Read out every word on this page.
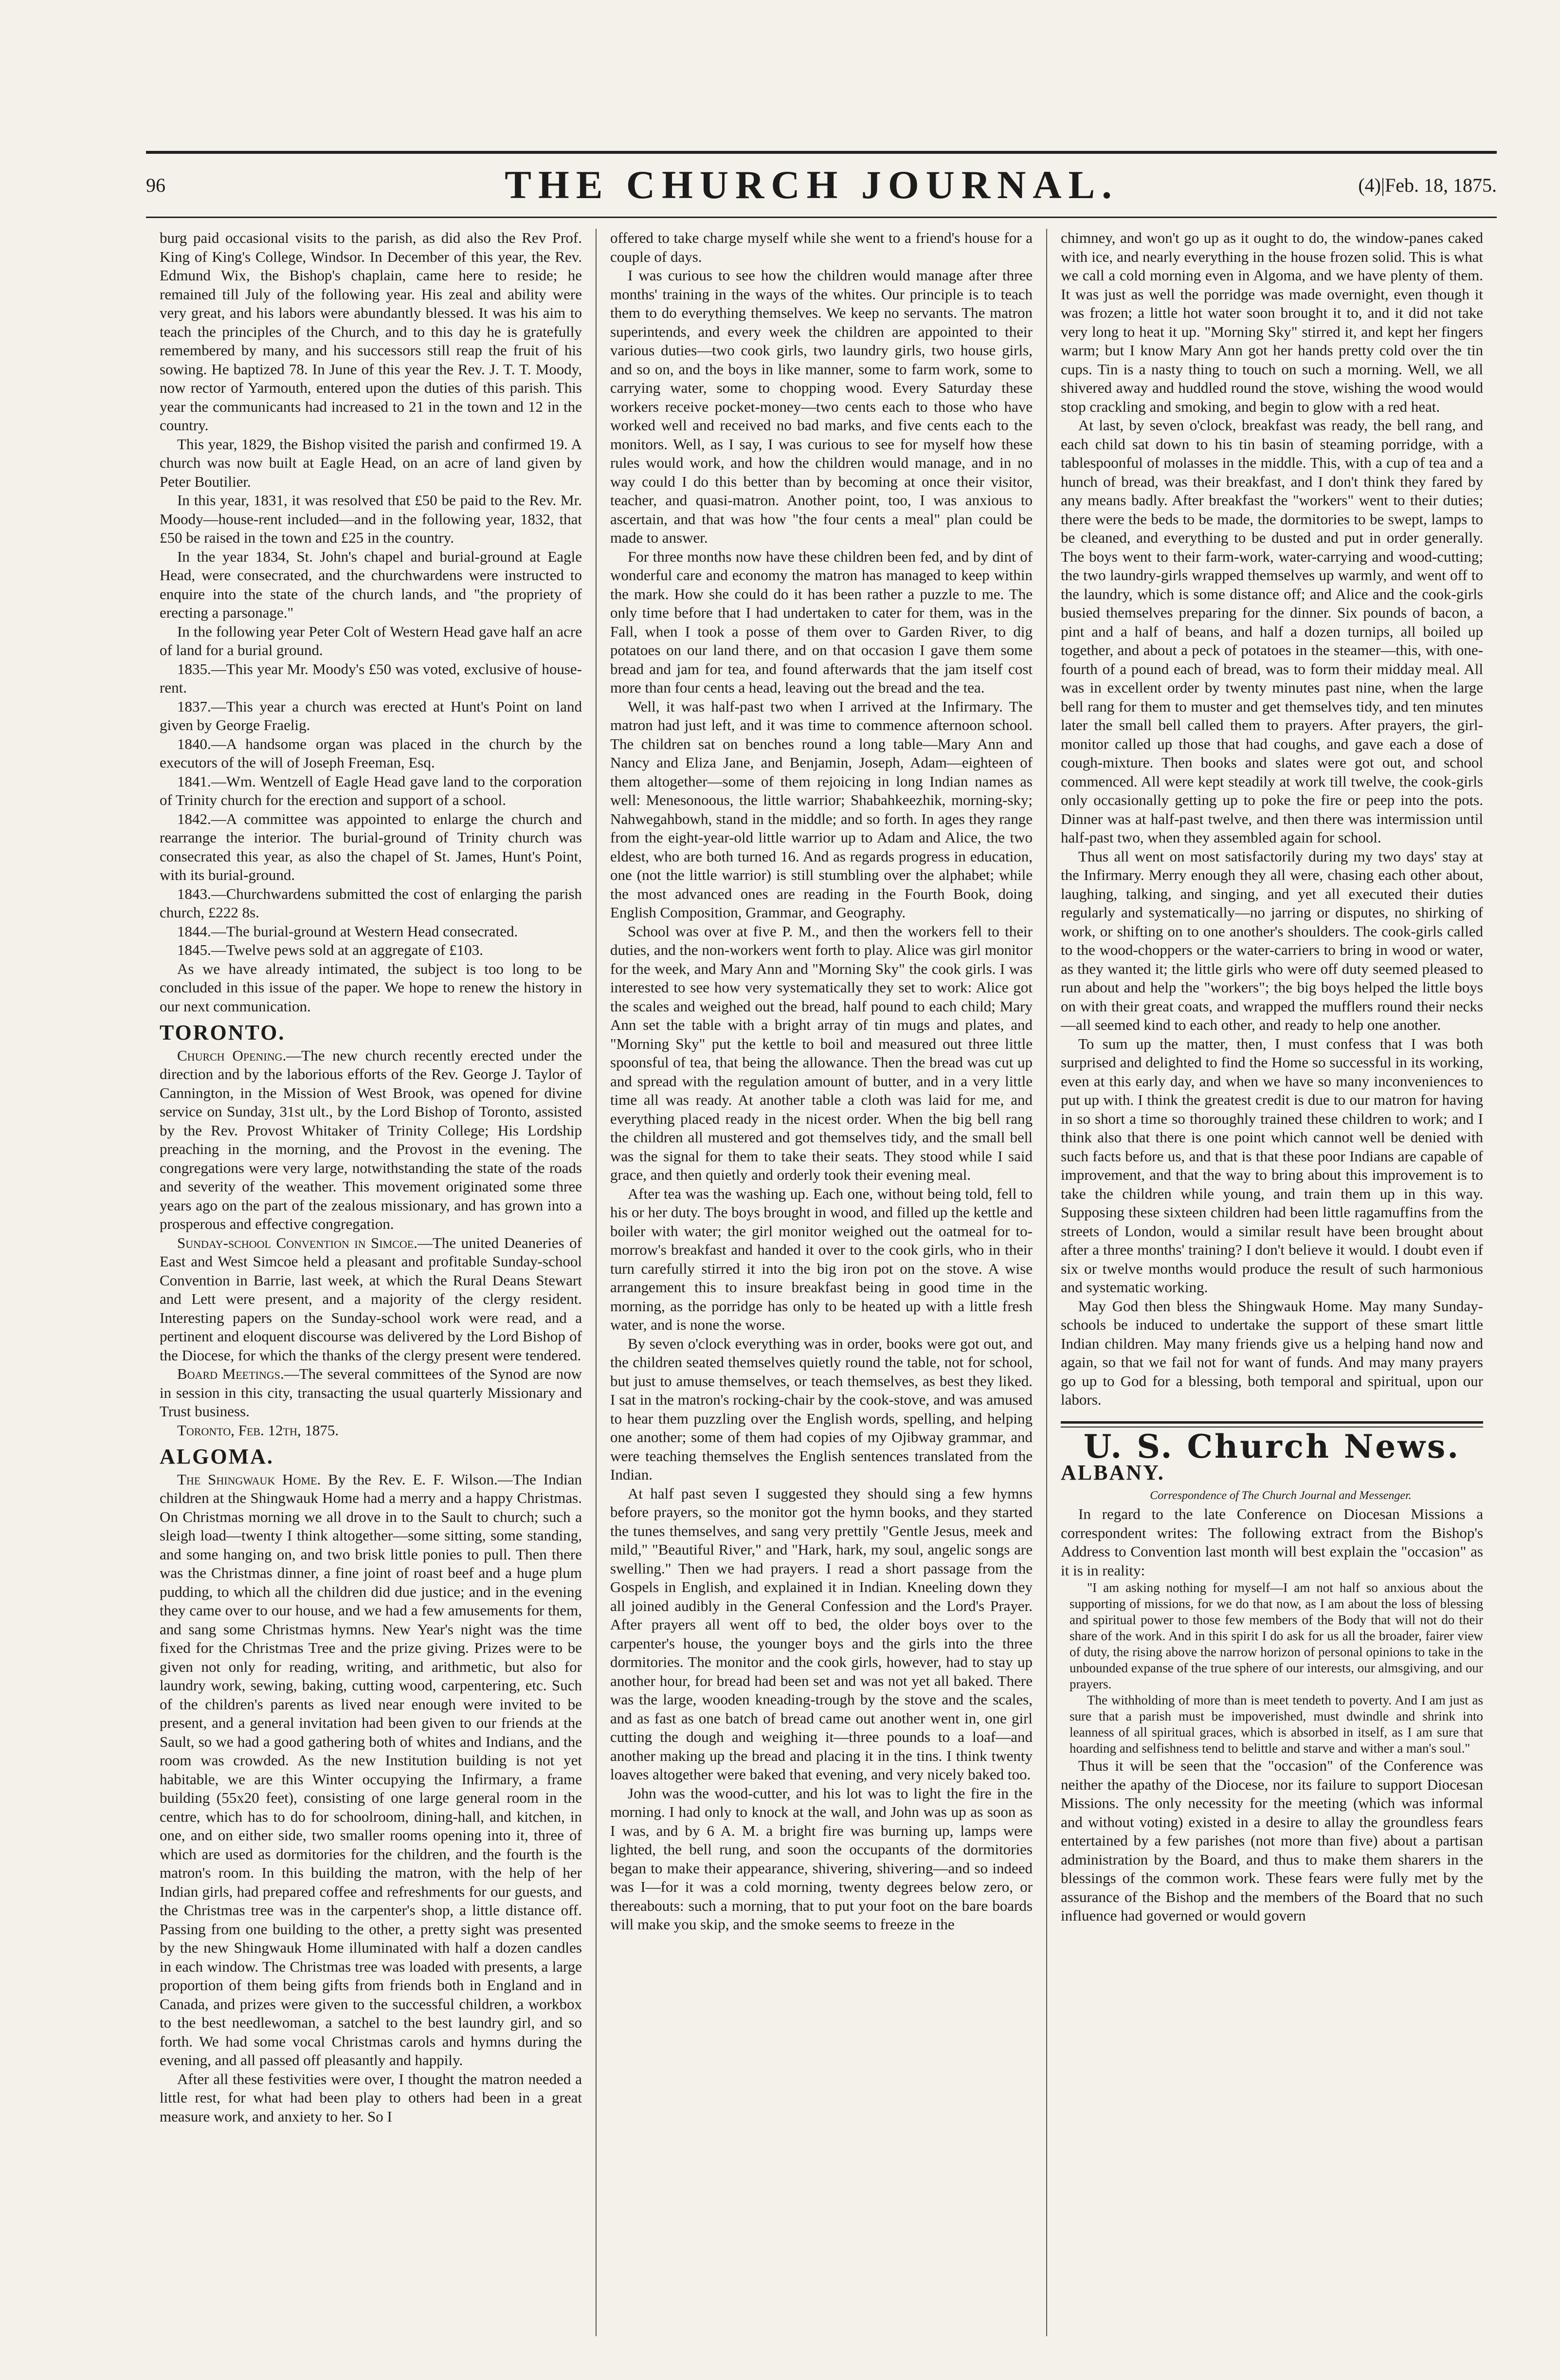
96	THE CHURCH JOURNAL.	(4)|Feb. 18, 1875.

burg paid occasional visits to the parish, as did also the Rev Prof. King of King's College, Windsor. In December of this year, the Rev. Edmund Wix, the Bishop's chaplain, came here to reside; he remained till July of the following year. His zeal and ability were very great, and his labors were abundantly blessed. It was his aim to teach the principles of the Church, and to this day he is gratefully remembered by many, and his successors still reap the fruit of his sowing. He baptized 78. In June of this year the Rev. J. T. T. Moody, now rector of Yarmouth, entered upon the duties of this parish. This year the communicants had increased to 21 in the town and 12 in the country.

This year, 1829, the Bishop visited the parish and confirmed 19. A church was now built at Eagle Head, on an acre of land given by Peter Boutilier.

In this year, 1831, it was resolved that £50 be paid to the Rev. Mr. Moody—house-rent included—and in the following year, 1832, that £50 be raised in the town and £25 in the country.

In the year 1834, St. John's chapel and burial-ground at Eagle Head, were consecrated, and the churchwardens were instructed to enquire into the state of the church lands, and "the propriety of erecting a parsonage."

In the following year Peter Colt of Western Head gave half an acre of land for a burial ground.

1835.—This year Mr. Moody's £50 was voted, exclusive of house-rent.

1837.—This year a church was erected at Hunt's Point on land given by George Fraelig.

1840.—A handsome organ was placed in the church by the executors of the will of Joseph Freeman, Esq.

1841.—Wm. Wentzell of Eagle Head gave land to the corporation of Trinity church for the erection and support of a school.

1842.—A committee was appointed to enlarge the church and rearrange the interior. The burial-ground of Trinity church was consecrated this year, as also the chapel of St. James, Hunt's Point, with its burial-ground.

1843.—Churchwardens submitted the cost of enlarging the parish church, £222 8s.

1844.—The burial-ground at Western Head consecrated.

1845.—Twelve pews sold at an aggregate of £103.

As we have already intimated, the subject is too long to be concluded in this issue of the paper. We hope to renew the history in our next communication.

TORONTO.

Church Opening.—The new church recently erected under the direction and by the laborious efforts of the Rev. George J. Taylor of Cannington, in the Mission of West Brook, was opened for divine service on Sunday, 31st ult., by the Lord Bishop of Toronto, assisted by the Rev. Provost Whitaker of Trinity College; His Lordship preaching in the morning, and the Provost in the evening. The congregations were very large, notwithstanding the state of the roads and severity of the weather. This movement originated some three years ago on the part of the zealous missionary, and has grown into a prosperous and effective congregation.

Sunday-school Convention in Simcoe.—The united Deaneries of East and West Simcoe held a pleasant and profitable Sunday-school Convention in Barrie, last week, at which the Rural Deans Stewart and Lett were present, and a majority of the clergy resident. Interesting papers on the Sunday-school work were read, and a pertinent and eloquent discourse was delivered by the Lord Bishop of the Diocese, for which the thanks of the clergy present were tendered.

Board Meetings.—The several committees of the Synod are now in session in this city, transacting the usual quarterly Missionary and Trust business.

Toronto, Feb. 12th, 1875.

ALGOMA.

The Shingwauk Home. By the Rev. E. F. Wilson.—The Indian children at the Shingwauk Home had a merry and a happy Christmas. On Christmas morning we all drove in to the Sault to church; such a sleigh load—twenty I think altogether—some sitting, some standing, and some hanging on, and two brisk little ponies to pull. Then there was the Christmas dinner, a fine joint of roast beef and a huge plum pudding, to which all the children did due justice; and in the evening they came over to our house, and we had a few amusements for them, and sang some Christmas hymns. New Year's night was the time fixed for the Christmas Tree and the prize giving. Prizes were to be given not only for reading, writing, and arithmetic, but also for laundry work, sewing, baking, cutting wood, carpentering, etc. Such of the children's parents as lived near enough were invited to be present, and a general invitation had been given to our friends at the Sault, so we had a good gathering both of whites and Indians, and the room was crowded. As the new Institution building is not yet habitable, we are this Winter occupying the Infirmary, a frame building (55x20 feet), consisting of one large general room in the centre, which has to do for schoolroom, dining-hall, and kitchen, in one, and on either side, two smaller rooms opening into it, three of which are used as dormitories for the children, and the fourth is the matron's room. In this building the matron, with the help of her Indian girls, had prepared coffee and refreshments for our guests, and the Christmas tree was in the carpenter's shop, a little distance off. Passing from one building to the other, a pretty sight was presented by the new Shingwauk Home illuminated with half a dozen candles in each window. The Christmas tree was loaded with presents, a large proportion of them being gifts from friends both in England and in Canada, and prizes were given to the successful children, a workbox to the best needlewoman, a satchel to the best laundry girl, and so forth. We had some vocal Christmas carols and hymns during the evening, and all passed off pleasantly and happily.

After all these festivities were over, I thought the matron needed a little rest, for what had been play to others had been in a great measure work, and anxiety to her. So I

offered to take charge myself while she went to a friend's house for a couple of days.

I was curious to see how the children would manage after three months' training in the ways of the whites. Our principle is to teach them to do everything themselves. We keep no servants. The matron superintends, and every week the children are appointed to their various duties—two cook girls, two laundry girls, two house girls, and so on, and the boys in like manner, some to farm work, some to carrying water, some to chopping wood. Every Saturday these workers receive pocket-money—two cents each to those who have worked well and received no bad marks, and five cents each to the monitors. Well, as I say, I was curious to see for myself how these rules would work, and how the children would manage, and in no way could I do this better than by becoming at once their visitor, teacher, and quasi-matron. Another point, too, I was anxious to ascertain, and that was how "the four cents a meal" plan could be made to answer.

For three months now have these children been fed, and by dint of wonderful care and economy the matron has managed to keep within the mark. How she could do it has been rather a puzzle to me. The only time before that I had undertaken to cater for them, was in the Fall, when I took a posse of them over to Garden River, to dig potatoes on our land there, and on that occasion I gave them some bread and jam for tea, and found afterwards that the jam itself cost more than four cents a head, leaving out the bread and the tea.

Well, it was half-past two when I arrived at the Infirmary. The matron had just left, and it was time to commence afternoon school. The children sat on benches round a long table—Mary Ann and Nancy and Eliza Jane, and Benjamin, Joseph, Adam—eighteen of them altogether—some of them rejoicing in long Indian names as well: Menesonoous, the little warrior; Shabahkeezhik, morning-sky; Nahwegahbowh, stand in the middle; and so forth. In ages they range from the eight-year-old little warrior up to Adam and Alice, the two eldest, who are both turned 16. And as regards progress in education, one (not the little warrior) is still stumbling over the alphabet; while the most advanced ones are reading in the Fourth Book, doing English Composition, Grammar, and Geography.

School was over at five P. M., and then the workers fell to their duties, and the non-workers went forth to play. Alice was girl monitor for the week, and Mary Ann and "Morning Sky" the cook girls. I was interested to see how very systematically they set to work: Alice got the scales and weighed out the bread, half pound to each child; Mary Ann set the table with a bright array of tin mugs and plates, and "Morning Sky" put the kettle to boil and measured out three little spoonsful of tea, that being the allowance. Then the bread was cut up and spread with the regulation amount of butter, and in a very little time all was ready. At another table a cloth was laid for me, and everything placed ready in the nicest order. When the big bell rang the children all mustered and got themselves tidy, and the small bell was the signal for them to take their seats. They stood while I said grace, and then quietly and orderly took their evening meal.

After tea was the washing up. Each one, without being told, fell to his or her duty. The boys brought in wood, and filled up the kettle and boiler with water; the girl monitor weighed out the oatmeal for to-morrow's breakfast and handed it over to the cook girls, who in their turn carefully stirred it into the big iron pot on the stove. A wise arrangement this to insure breakfast being in good time in the morning, as the porridge has only to be heated up with a little fresh water, and is none the worse.

By seven o'clock everything was in order, books were got out, and the children seated themselves quietly round the table, not for school, but just to amuse themselves, or teach themselves, as best they liked. I sat in the matron's rocking-chair by the cook-stove, and was amused to hear them puzzling over the English words, spelling, and helping one another; some of them had copies of my Ojibway grammar, and were teaching themselves the English sentences translated from the Indian.

At half past seven I suggested they should sing a few hymns before prayers, so the monitor got the hymn books, and they started the tunes themselves, and sang very prettily "Gentle Jesus, meek and mild," "Beautiful River," and "Hark, hark, my soul, angelic songs are swelling." Then we had prayers. I read a short passage from the Gospels in English, and explained it in Indian. Kneeling down they all joined audibly in the General Confession and the Lord's Prayer. After prayers all went off to bed, the older boys over to the carpenter's house, the younger boys and the girls into the three dormitories. The monitor and the cook girls, however, had to stay up another hour, for bread had been set and was not yet all baked. There was the large, wooden kneading-trough by the stove and the scales, and as fast as one batch of bread came out another went in, one girl cutting the dough and weighing it—three pounds to a loaf—and another making up the bread and placing it in the tins. I think twenty loaves altogether were baked that evening, and very nicely baked too.

John was the wood-cutter, and his lot was to light the fire in the morning. I had only to knock at the wall, and John was up as soon as I was, and by 6 A. M. a bright fire was burning up, lamps were lighted, the bell rung, and soon the occupants of the dormitories began to make their appearance, shivering, shivering—and so indeed was I—for it was a cold morning, twenty degrees below zero, or thereabouts: such a morning, that to put your foot on the bare boards will make you skip, and the smoke seems to freeze in the

chimney, and won't go up as it ought to do, the window-panes caked with ice, and nearly everything in the house frozen solid. This is what we call a cold morning even in Algoma, and we have plenty of them. It was just as well the porridge was made overnight, even though it was frozen; a little hot water soon brought it to, and it did not take very long to heat it up. "Morning Sky" stirred it, and kept her fingers warm; but I know Mary Ann got her hands pretty cold over the tin cups. Tin is a nasty thing to touch on such a morning. Well, we all shivered away and huddled round the stove, wishing the wood would stop crackling and smoking, and begin to glow with a red heat.

At last, by seven o'clock, breakfast was ready, the bell rang, and each child sat down to his tin basin of steaming porridge, with a tablespoonful of molasses in the middle. This, with a cup of tea and a hunch of bread, was their breakfast, and I don't think they fared by any means badly. After breakfast the "workers" went to their duties; there were the beds to be made, the dormitories to be swept, lamps to be cleaned, and everything to be dusted and put in order generally. The boys went to their farm-work, water-carrying and wood-cutting; the two laundry-girls wrapped themselves up warmly, and went off to the laundry, which is some distance off; and Alice and the cook-girls busied themselves preparing for the dinner. Six pounds of bacon, a pint and a half of beans, and half a dozen turnips, all boiled up together, and about a peck of potatoes in the steamer—this, with one-fourth of a pound each of bread, was to form their midday meal. All was in excellent order by twenty minutes past nine, when the large bell rang for them to muster and get themselves tidy, and ten minutes later the small bell called them to prayers. After prayers, the girl-monitor called up those that had coughs, and gave each a dose of cough-mixture. Then books and slates were got out, and school commenced. All were kept steadily at work till twelve, the cook-girls only occasionally getting up to poke the fire or peep into the pots. Dinner was at half-past twelve, and then there was intermission until half-past two, when they assembled again for school.

Thus all went on most satisfactorily during my two days' stay at the Infirmary. Merry enough they all were, chasing each other about, laughing, talking, and singing, and yet all executed their duties regularly and systematically—no jarring or disputes, no shirking of work, or shifting on to one another's shoulders. The cook-girls called to the wood-choppers or the water-carriers to bring in wood or water, as they wanted it; the little girls who were off duty seemed pleased to run about and help the "workers"; the big boys helped the little boys on with their great coats, and wrapped the mufflers round their necks—all seemed kind to each other, and ready to help one another.

To sum up the matter, then, I must confess that I was both surprised and delighted to find the Home so successful in its working, even at this early day, and when we have so many inconveniences to put up with. I think the greatest credit is due to our matron for having in so short a time so thoroughly trained these children to work; and I think also that there is one point which cannot well be denied with such facts before us, and that is that these poor Indians are capable of improvement, and that the way to bring about this improvement is to take the children while young, and train them up in this way. Supposing these sixteen children had been little ragamuffins from the streets of London, would a similar result have been brought about after a three months' training? I don't believe it would. I doubt even if six or twelve months would produce the result of such harmonious and systematic working.

May God then bless the Shingwauk Home. May many Sunday-schools be induced to undertake the support of these smart little Indian children. May many friends give us a helping hand now and again, so that we fail not for want of funds. And may many prayers go up to God for a blessing, both temporal and spiritual, upon our labors.

U. S. Church News.
ALBANY.

Correspondence of The Church Journal and Messenger.

In regard to the late Conference on Diocesan Missions a correspondent writes: The following extract from the Bishop's Address to Convention last month will best explain the "occasion" as it is in reality:

"I am asking nothing for myself—I am not half so anxious about the supporting of missions, for we do that now, as I am about the loss of blessing and spiritual power to those few members of the Body that will not do their share of the work. And in this spirit I do ask for us all the broader, fairer view of duty, the rising above the narrow horizon of personal opinions to take in the unbounded expanse of the true sphere of our interests, our almsgiving, and our prayers.

The withholding of more than is meet tendeth to poverty. And I am just as sure that a parish must be impoverished, must dwindle and shrink into leanness of all spiritual graces, which is absorbed in itself, as I am sure that hoarding and selfishness tend to belittle and starve and wither a man's soul."

Thus it will be seen that the "occasion" of the Conference was neither the apathy of the Diocese, nor its failure to support Diocesan Missions. The only necessity for the meeting (which was informal and without voting) existed in a desire to allay the groundless fears entertained by a few parishes (not more than five) about a partisan administration by the Board, and thus to make them sharers in the blessings of the common work. These fears were fully met by the assurance of the Bishop and the members of the Board that no such influence had governed or would govern
